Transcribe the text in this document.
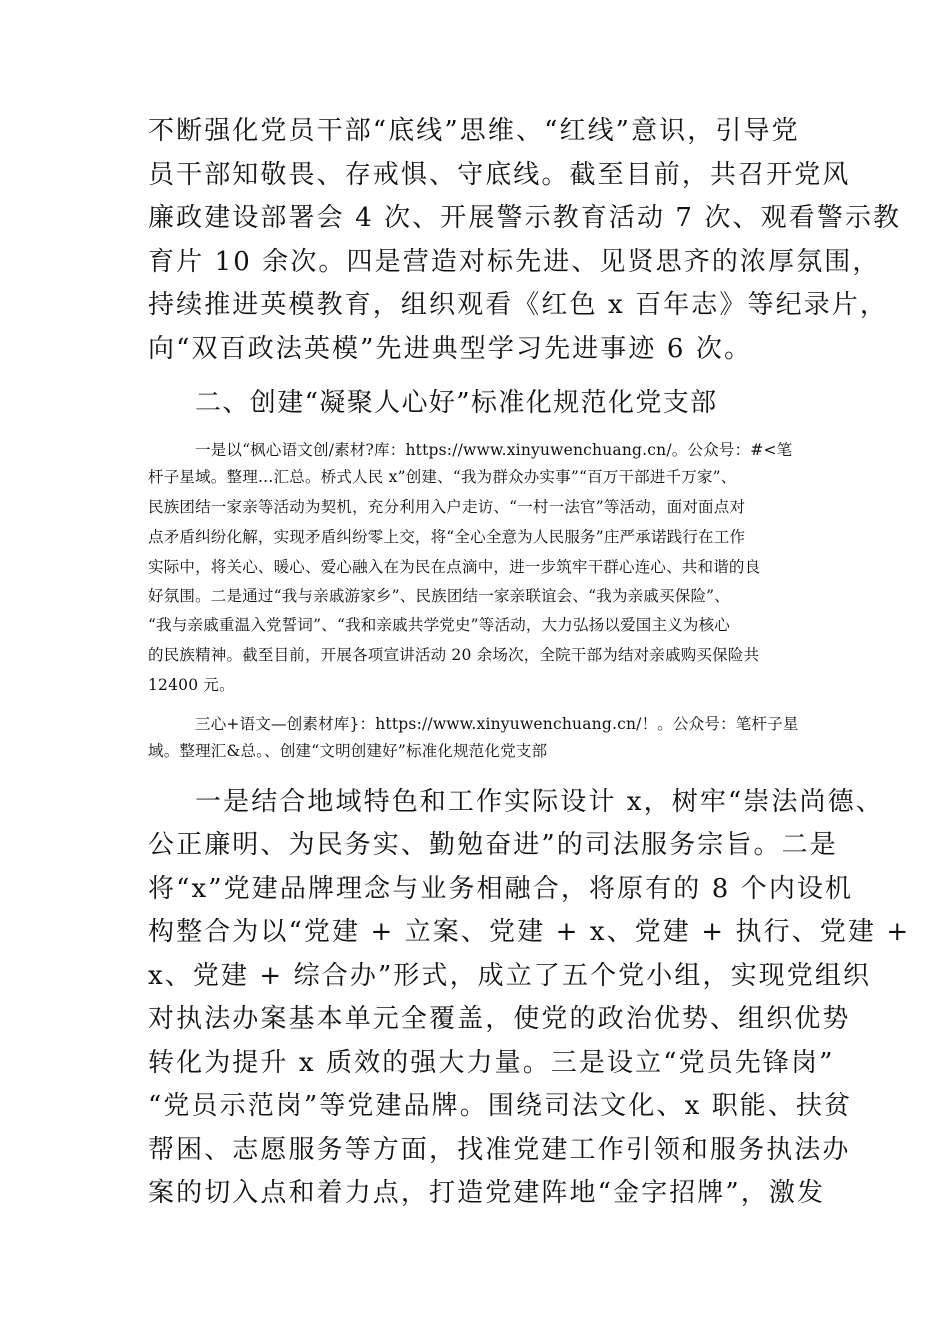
不断强化党员干部“底线”思维、“红线”意识，引导党
员干部知敬畏、存戒惧、守底线。截至目前，共召开党风
廉政建设部署会 4 次、开展警示教育活动 7 次、观看警示教
育片 10 余次。四是营造对标先进、见贤思齐的浓厚氛围，
持续推进英模教育，组织观看《红色 x 百年志》等纪录片，
向“双百政法英模”先进典型学习先进事迹 6 次。
二、创建“凝聚人心好”标准化规范化党支部
一是以“枫心语文创/素材?库：https://www.xinyuwenchuang.cn/。公众号：#<笔
杆子星域。整理…汇总。桥式人民 x”创建、“我为群众办实事”“百万干部进千万家”、
民族团结一家亲等活动为契机，充分利用入户走访、“一村一法官”等活动，面对面点对
点矛盾纠纷化解，实现矛盾纠纷零上交，将“全心全意为人民服务”庄严承诺践行在工作
实际中，将关心、暖心、爱心融入在为民在点滴中，进一步筑牢干群心连心、共和谐的良
好氛围。二是通过“我与亲戚游家乡”、民族团结一家亲联谊会、“我为亲戚买保险”、
“我与亲戚重温入党誓词”、“我和亲戚共学党史”等活动，大力弘扬以爱国主义为核心
的民族精神。截至目前，开展各项宣讲活动 20 余场次，全院干部为结对亲戚购买保险共
12400 元。
三心+语文—创素材库}：https://www.xinyuwenchuang.cn/！。公众号：笔杆子星
域。整理汇&总。、创建“文明创建好”标准化规范化党支部
一是结合地域特色和工作实际设计 x，树牢“崇法尚德、
公正廉明、为民务实、勤勉奋进”的司法服务宗旨。二是
将“x”党建品牌理念与业务相融合，将原有的 8 个内设机
构整合为以“党建 + 立案、党建 + x、党建 + 执行、党建 +
x、党建 + 综合办”形式，成立了五个党小组，实现党组织
对执法办案基本单元全覆盖，使党的政治优势、组织优势
转化为提升 x 质效的强大力量。三是设立“党员先锋岗”
“党员示范岗”等党建品牌。围绕司法文化、x 职能、扶贫
帮困、志愿服务等方面，找准党建工作引领和服务执法办
案的切入点和着力点，打造党建阵地“金字招牌”，激发
